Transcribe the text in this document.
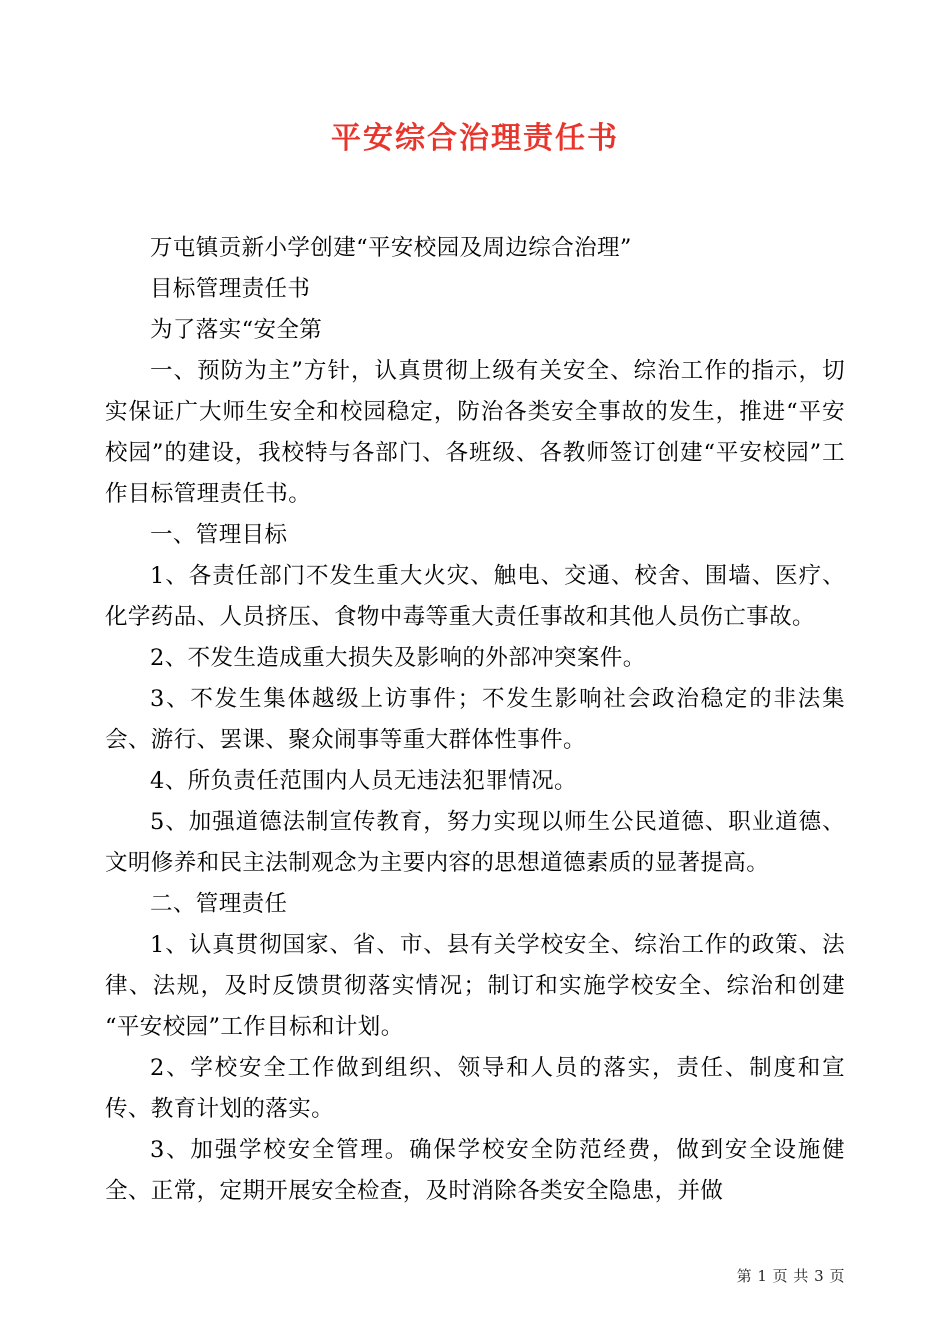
平安综合治理责任书

万屯镇贡新小学创建“平安校园及周边综合治理”

目标管理责任书

为了落实“安全第

一、预防为主”方针，认真贯彻上级有关安全、综治工作的指示，切实保证广大师生安全和校园稳定，防治各类安全事故的发生，推进“平安校园”的建设，我校特与各部门、各班级、各教师签订创建“平安校园”工作目标管理责任书。

一、管理目标

1、各责任部门不发生重大火灾、触电、交通、校舍、围墙、医疗、化学药品、人员挤压、食物中毒等重大责任事故和其他人员伤亡事故。

2、不发生造成重大损失及影响的外部冲突案件。

3、不发生集体越级上访事件；不发生影响社会政治稳定的非法集会、游行、罢课、聚众闹事等重大群体性事件。

4、所负责任范围内人员无违法犯罪情况。

5、加强道德法制宣传教育，努力实现以师生公民道德、职业道德、文明修养和民主法制观念为主要内容的思想道德素质的显著提高。

二、管理责任

1、认真贯彻国家、省、市、县有关学校安全、综治工作的政策、法律、法规，及时反馈贯彻落实情况；制订和实施学校安全、综治和创建“平安校园”工作目标和计划。

2、学校安全工作做到组织、领导和人员的落实，责任、制度和宣传、教育计划的落实。

3、加强学校安全管理。确保学校安全防范经费，做到安全设施健全、正常，定期开展安全检查，及时消除各类安全隐患，并做

第 1 页 共 3 页
